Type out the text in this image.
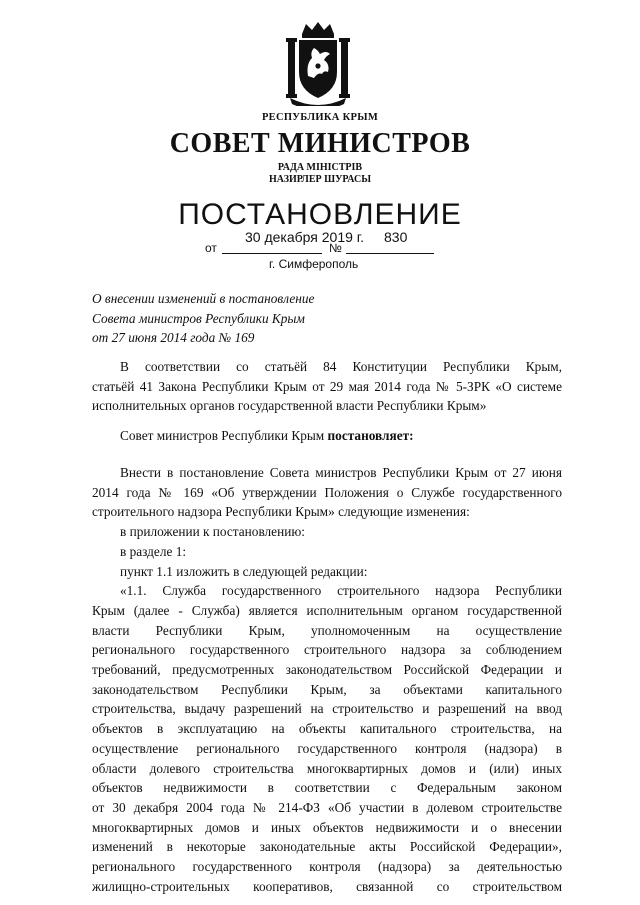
РЕСПУБЛИКА КРЫМ
СОВЕТ МИНИСТРОВ
РАДА МІНІСТРІВ
НАЗИРЛЕР ШУРАСЫ
ПОСТАНОВЛЕНИЕ
30 декабря 2019 г. 830
от	№
г. Симферополь
О внесении изменений в постановление
Совета министров Республики Крым
от 27 июня 2014 года № 169
В соответствии со статьёй 84 Конституции Республики Крым,
статьёй 41 Закона Республики Крым от 29 мая 2014 года № 5-ЗРК «О системе
исполнительных органов государственной власти Республики Крым»
Совет министров Республики Крым постановляет:
Внести в постановление Совета министров Республики Крым от 27 июня
2014 года № 169 «Об утверждении Положения о Службе государственного
строительного надзора Республики Крым» следующие изменения:
в приложении к постановлению:
в разделе 1:
пункт 1.1 изложить в следующей редакции:
«1.1. Служба государственного строительного надзора Республики
Крым (далее - Служба) является исполнительным органом государственной
власти Республики Крым, уполномоченным на осуществление
регионального государственного строительного надзора за соблюдением
требований, предусмотренных законодательством Российской Федерации и
законодательством Республики Крым, за объектами капитального
строительства, выдачу разрешений на строительство и разрешений на ввод
объектов в эксплуатацию на объекты капитального строительства, на
осуществление регионального государственного контроля (надзора) в
области долевого строительства многоквартирных домов и (или) иных
объектов недвижимости в соответствии с Федеральным законом
от 30 декабря 2004 года № 214-ФЗ «Об участии в долевом строительстве
многоквартирных домов и иных объектов недвижимости и о внесении
изменений в некоторые законодательные акты Российской Федерации»,
регионального государственного контроля (надзора) за деятельностью
жилищно-строительных кооперативов, связанной со строительством
